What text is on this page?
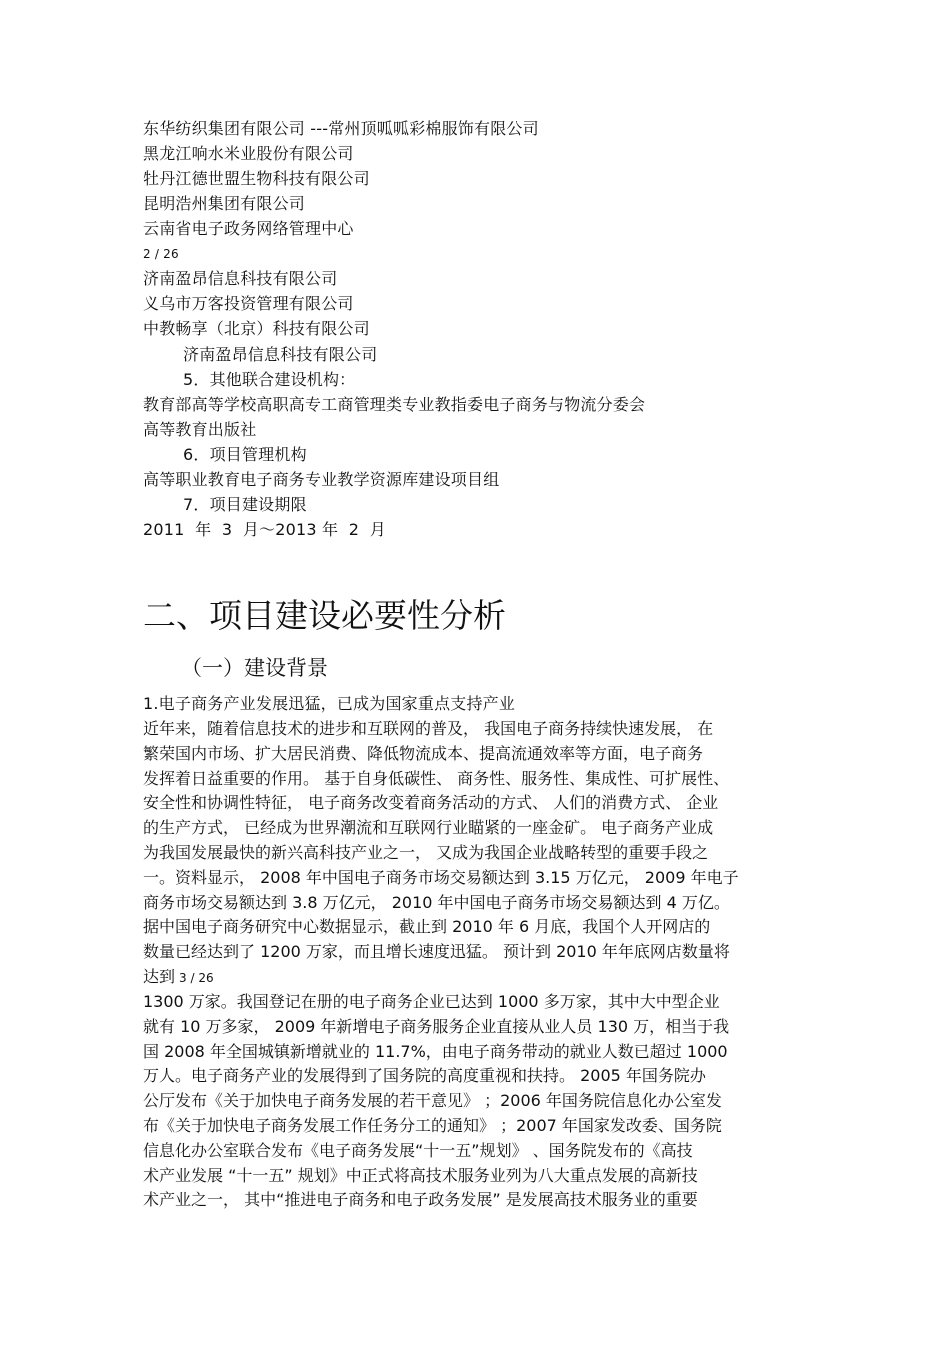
东华纺织集团有限公司 ---常州顶呱呱彩棉服饰有限公司
黑龙江响水米业股份有限公司
牡丹江德世盟生物科技有限公司
昆明浩州集团有限公司
云南省电子政务网络管理中心
2 / 26
济南盈昂信息科技有限公司
义乌市万客投资管理有限公司
中教畅享（北京）科技有限公司
济南盈昂信息科技有限公司
5．其他联合建设机构：
教育部高等学校高职高专工商管理类专业教指委电子商务与物流分委会
高等教育出版社
6．项目管理机构
高等职业教育电子商务专业教学资源库建设项目组
7．项目建设期限
2011  年  3  月～2013 年  2  月
二、项目建设必要性分析
（一）建设背景
1.电子商务产业发展迅猛，已成为国家重点支持产业
近年来，随着信息技术的进步和互联网的普及， 我国电子商务持续快速发展， 在
繁荣国内市场、扩大居民消费、降低物流成本、提高流通效率等方面，电子商务
发挥着日益重要的作用。 基于自身低碳性、 商务性、服务性、集成性、可扩展性、
安全性和协调性特征， 电子商务改变着商务活动的方式、 人们的消费方式、 企业
的生产方式， 已经成为世界潮流和互联网行业瞄紧的一座金矿。 电子商务产业成
为我国发展最快的新兴高科技产业之一， 又成为我国企业战略转型的重要手段之
一。资料显示， 2008 年中国电子商务市场交易额达到 3.15 万亿元， 2009 年电子
商务市场交易额达到 3.8 万亿元， 2010 年中国电子商务市场交易额达到 4 万亿。
据中国电子商务研究中心数据显示，截止到 2010 年 6 月底，我国个人开网店的
数量已经达到了 1200 万家，而且增长速度迅猛。 预计到 2010 年年底网店数量将
达到 3 / 26
1300 万家。我国登记在册的电子商务企业已达到 1000 多万家，其中大中型企业
就有 10 万多家， 2009 年新增电子商务服务企业直接从业人员 130 万，相当于我
国 2008 年全国城镇新增就业的 11.7%，由电子商务带动的就业人数已超过 1000
万人。电子商务产业的发展得到了国务院的高度重视和扶持。 2005 年国务院办
公厅发布《关于加快电子商务发展的若干意见》 ；2006 年国务院信息化办公室发
布《关于加快电子商务发展工作任务分工的通知》 ；2007 年国家发改委、国务院
信息化办公室联合发布《电子商务发展“十一五”规划》 、国务院发布的《高技
术产业发展 “十一五” 规划》中正式将高技术服务业列为八大重点发展的高新技
术产业之一， 其中“推进电子商务和电子政务发展” 是发展高技术服务业的重要
